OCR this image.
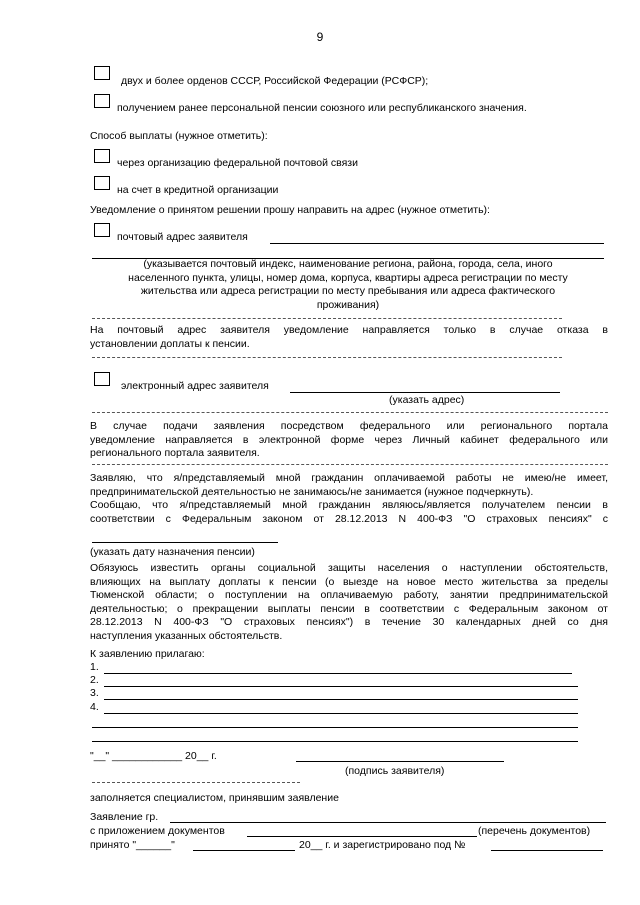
9
двух и более орденов СССР, Российской Федерации (РСФСР);
получением ранее персональной пенсии союзного или республиканского значения.
Способ выплаты (нужное отметить):
через организацию федеральной почтовой связи
на счет в кредитной организации
Уведомление о принятом решении прошу направить на адрес (нужное отметить):
почтовый адрес заявителя
(указывается почтовый индекс, наименование региона, района, города, села, иного
населенного пункта, улицы, номер дома, корпуса, квартиры адреса регистрации по месту
жительства или адреса регистрации по месту пребывания или адреса фактического
проживания)
На почтовый адрес заявителя уведомление направляется только в случае отказа в
установлении доплаты к пенсии.
электронный адрес заявителя
(указать адрес)
В случае подачи заявления посредством федерального или регионального портала
уведомление направляется в электронной форме через Личный кабинет федерального или
регионального портала заявителя.
Заявляю, что я/представляемый мной гражданин оплачиваемой работы не имею/не имеет,
предпринимательской деятельностью не занимаюсь/не занимается (нужное подчеркнуть).
Сообщаю, что я/представляемый мной гражданин являюсь/является получателем пенсии в
соответствии с Федеральным законом от 28.12.2013 N 400-ФЗ "О страховых пенсиях" с
(указать дату назначения пенсии)
Обязуюсь известить органы социальной защиты населения о наступлении обстоятельств,
влияющих на выплату доплаты к пенсии (о выезде на новое место жительства за пределы
Тюменской области; о поступлении на оплачиваемую работу, занятии предпринимательской
деятельностью; о прекращении выплаты пенсии в соответствии с Федеральным законом от
28.12.2013 N 400-ФЗ "О страховых пенсиях") в течение 30 календарных дней со дня
наступления указанных обстоятельств.
К заявлению прилагаю:
1.
2.
3.
4.
"__" ____________ 20__ г.
(подпись заявителя)
заполняется специалистом, принявшим заявление
Заявление гр.
с приложением документов	(перечень документов)
принято "______"	20__ г. и зарегистрировано под №
